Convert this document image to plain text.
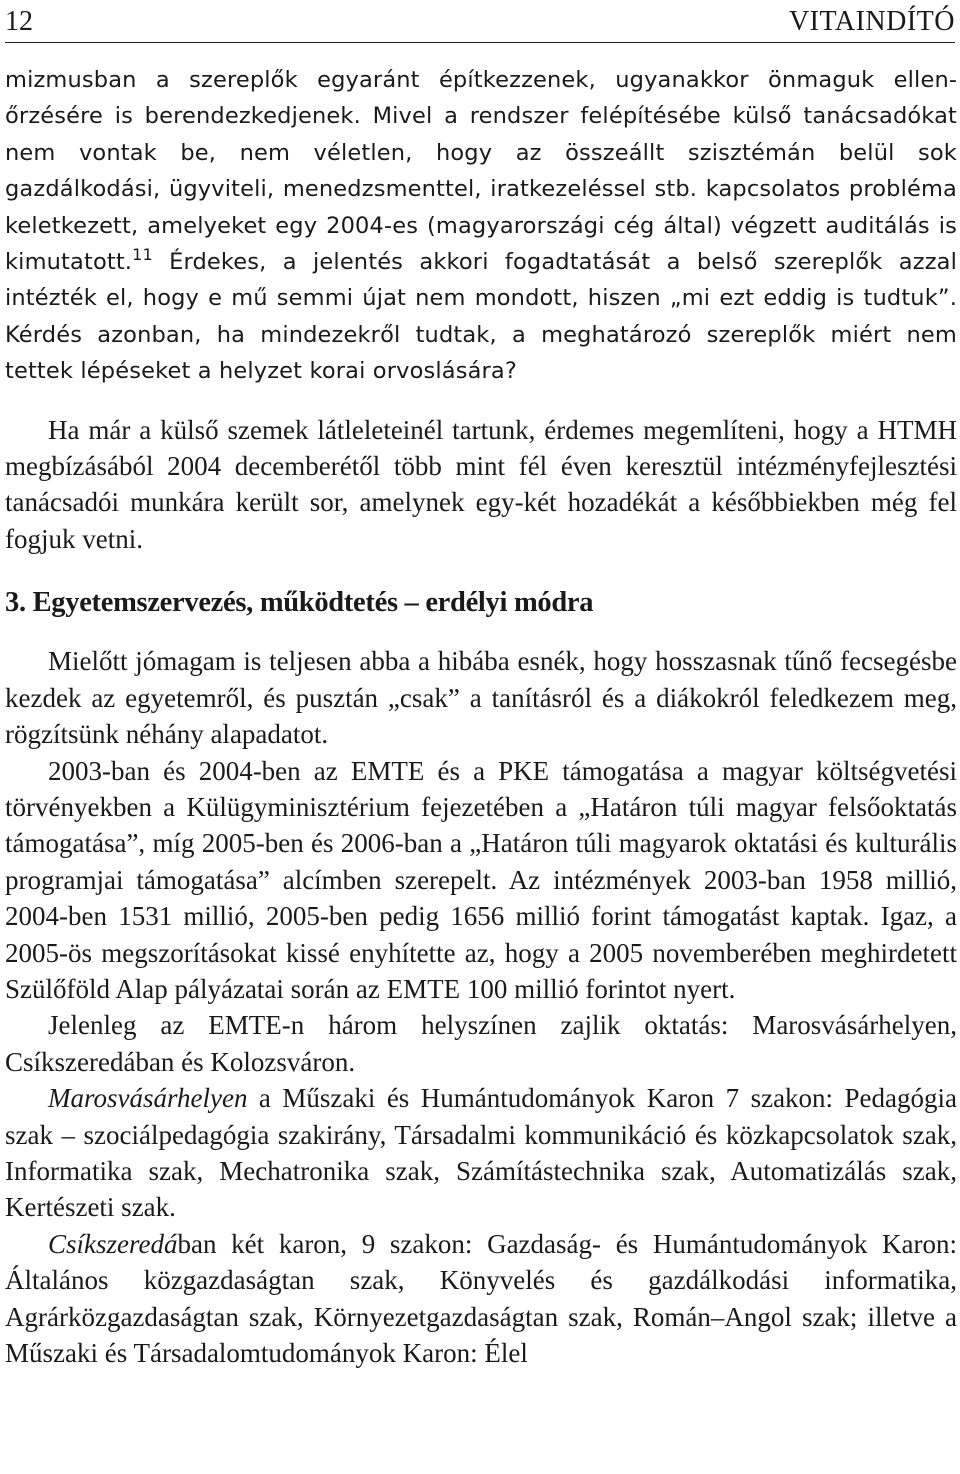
12	VITAINDÍTÓ

mizmusban a szereplők egyaránt építkezzenek, ugyanakkor önmaguk ellenőrzésére is berendezkedjenek. Mivel a rendszer felépítésébe külső tanácsadókat nem vontak be, nem véletlen, hogy az összeállt szisztémán belül sok gazdálkodási, ügyviteli, menedzsmenttel, iratkezeléssel stb. kapcsolatos probléma keletkezett, amelyeket egy 2004-es (magyarországi cég által) végzett auditálás is kimutatott.$^{11}$ Érdekes, a jelentés akkori fogadtatását a belső szereplők azzal intézték el, hogy e mű semmi újat nem mondott, hiszen „mi ezt eddig is tudtuk”. Kérdés azonban, ha mindezekről tudtak, a meghatározó szereplők miért nem tettek lépéseket a helyzet korai orvoslására?

Ha már a külső szemek látleleteinél tartunk, érdemes megemlíteni, hogy a HTMH megbízásából 2004 decemberétől több mint fél éven keresztül intézményfejlesztési tanácsadói munkára került sor, amelynek egy-két hozadékát a későbbiekben még fel fogjuk vetni.

3. Egyetemszervezés, működtetés – erdélyi módra

Mielőtt jómagam is teljesen abba a hibába esnék, hogy hosszasnak tűnő fecsegésbe kezdek az egyetemről, és pusztán „csak” a tanításról és a diákokról feledkezem meg, rögzítsünk néhány alapadatot.

2003-ban és 2004-ben az EMTE és a PKE támogatása a magyar költségvetési törvényekben a Külügyminisztérium fejezetében a „Határon túli magyar felsőoktatás támogatása”, míg 2005-ben és 2006-ban a „Határon túli magyarok oktatási és kulturális programjai támogatása” alcímben szerepelt. Az intézmények 2003-ban 1958 millió, 2004-ben 1531 millió, 2005-ben pedig 1656 millió forint támogatást kaptak. Igaz, a 2005-ös megszorításokat kissé enyhítette az, hogy a 2005 novemberében meghirdetett Szülőföld Alap pályázatai során az EMTE 100 millió forintot nyert.

Jelenleg az EMTE-n három helyszínen zajlik oktatás: Marosvásárhelyen, Csíkszeredában és Kolozsváron.

Marosvásárhelyen a Műszaki és Humántudományok Karon 7 szakon: Pedagógia szak – szociálpedagógia szakirány, Társadalmi kommunikáció és közkapcsolatok szak, Informatika szak, Mechatronika szak, Számítástechnika szak, Automatizálás szak, Kertészeti szak.

Csíkszeredában két karon, 9 szakon: Gazdaság- és Humántudományok Karon: Általános közgazdaságtan szak, Könyvelés és gazdálkodási informatika, Agrárközgazdaságtan szak, Környezetgazdaságtan szak, Román–Angol szak; illetve a Műszaki és Társadalomtudományok Karon: Élel
